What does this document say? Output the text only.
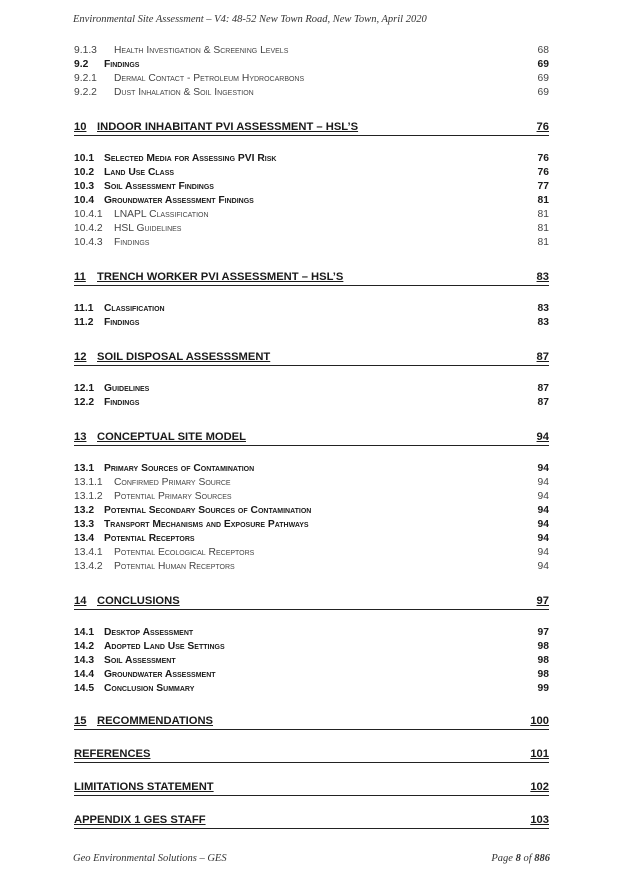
Environmental Site Assessment – V4: 48-52 New Town Road, New Town, April 2020
9.1.3 Health Investigation & Screening Levels	68
9.2 Findings	69
9.2.1 Dermal Contact - Petroleum Hydrocarbons	69
9.2.2 Dust Inhalation & Soil Ingestion	69
10 INDOOR INHABITANT PVI ASSESSMENT – HSL’S	76
10.1 Selected Media for Assessing PVI Risk	76
10.2 Land Use Class	76
10.3 Soil Assessment Findings	77
10.4 Groundwater Assessment Findings	81
10.4.1 LNAPL Classification	81
10.4.2 HSL Guidelines	81
10.4.3 Findings	81
11 TRENCH WORKER PVI ASSESSMENT – HSL’S	83
11.1 Classification	83
11.2 Findings	83
12 SOIL DISPOSAL ASSESSSMENT	87
12.1 Guidelines	87
12.2 Findings	87
13 CONCEPTUAL SITE MODEL	94
13.1 Primary Sources of Contamination	94
13.1.1 Confirmed Primary Source	94
13.1.2 Potential Primary Sources	94
13.2 Potential Secondary Sources of Contamination	94
13.3 Transport Mechanisms and Exposure Pathways	94
13.4 Potential Receptors	94
13.4.1 Potential Ecological Receptors	94
13.4.2 Potential Human Receptors	94
14 CONCLUSIONS	97
14.1 Desktop Assessment	97
14.2 Adopted Land Use Settings	98
14.3 Soil Assessment	98
14.4 Groundwater Assessment	98
14.5 Conclusion Summary	99
15 RECOMMENDATIONS	100
REFERENCES	101
LIMITATIONS STATEMENT	102
APPENDIX 1 GES STAFF	103
Geo Environmental Solutions – GES	Page 8 of 886
